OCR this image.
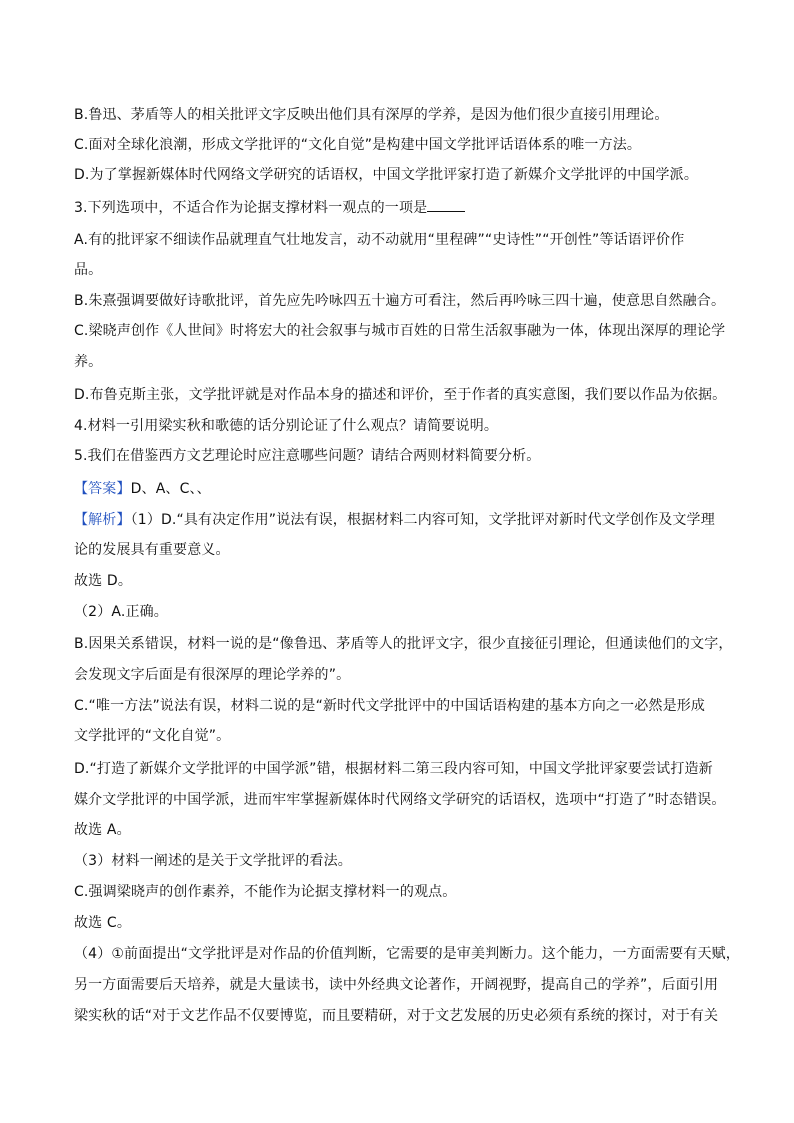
B.鲁迅、茅盾等人的相关批评文字反映出他们具有深厚的学养，是因为他们很少直接引用理论。
C.面对全球化浪潮，形成文学批评的“文化自觉”是构建中国文学批评话语体系的唯一方法。
D.为了掌握新媒体时代网络文学研究的话语权，中国文学批评家打造了新媒介文学批评的中国学派。
3.下列选项中，不适合作为论据支撑材料一观点的一项是
A.有的批评家不细读作品就理直气壮地发言，动不动就用“里程碑”“史诗性”“开创性”等话语评价作
品。
B.朱熹强调要做好诗歌批评，首先应先吟咏四五十遍方可看注，然后再吟咏三四十遍，使意思自然融合。
C.梁晓声创作《人世间》时将宏大的社会叙事与城市百姓的日常生活叙事融为一体，体现出深厚的理论学
养。
D.布鲁克斯主张，文学批评就是对作品本身的描述和评价，至于作者的真实意图，我们要以作品为依据。
4.材料一引用梁实秋和歌德的话分别论证了什么观点？请简要说明。
5.我们在借鉴西方文艺理论时应注意哪些问题？请结合两则材料简要分析。
【答案】D、A、C、、
【解析】（1）D.“具有决定作用”说法有误，根据材料二内容可知，文学批评对新时代文学创作及文学理
论的发展具有重要意义。
故选 D。
（2）A.正确。
B.因果关系错误，材料一说的是“像鲁迅、茅盾等人的批评文字，很少直接征引理论，但通读他们的文字，
会发现文字后面是有很深厚的理论学养的”。
C.“唯一方法”说法有误，材料二说的是“新时代文学批评中的中国话语构建的基本方向之一必然是形成
文学批评的“文化自觉”。
D.“打造了新媒介文学批评的中国学派”错，根据材料二第三段内容可知，中国文学批评家要尝试打造新
媒介文学批评的中国学派，进而牢牢掌握新媒体时代网络文学研究的话语权，选项中“打造了”时态错误。
故选 A。
（3）材料一阐述的是关于文学批评的看法。
C.强调梁晓声的创作素养，不能作为论据支撑材料一的观点。
故选 C。
（4）①前面提出“文学批评是对作品的价值判断，它需要的是审美判断力。这个能力，一方面需要有天赋，
另一方面需要后天培养，就是大量读书，读中外经典文论著作，开阔视野，提高自己的学养”，后面引用
梁实秋的话“对于文艺作品不仅要博览，而且要精研，对于文艺发展的历史必须有系统的探讨，对于有关
